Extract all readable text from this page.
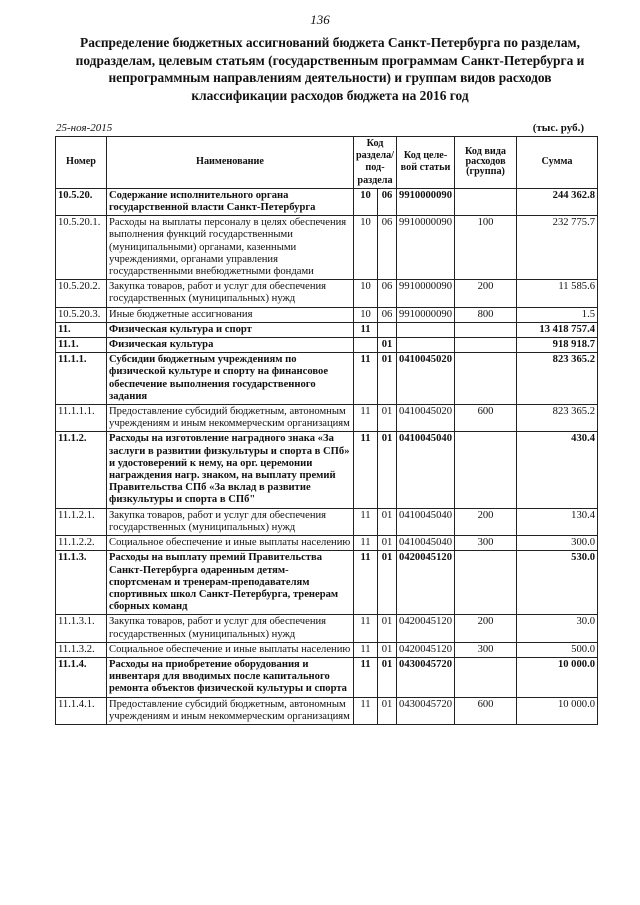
136
Распределение бюджетных ассигнований бюджета Санкт-Петербурга по разделам, подразделам, целевым статьям (государственным программам Санкт-Петербурга и непрограммным направлениям деятельности) и группам видов расходов классификации расходов бюджета на 2016 год
25-ноя-2015	(тыс. руб.)
Номер	Наименование	Код раздела/ под- раздела		Код целе- вой статьи	Код вида расходов (группа)	Сумма
10.5.20.	Содержание исполнительного органа государственной власти Санкт-Петербурга	10	06	9910000090		244 362.8
10.5.20.1.	Расходы на выплаты персоналу в целях обеспечения выполнения функций государственными (муниципальными) органами, казенными учреждениями, органами управления государственными внебюджетными фондами	10	06	9910000090	100	232 775.7
10.5.20.2.	Закупка товаров, работ и услуг для обеспечения государственных (муниципальных) нужд	10	06	9910000090	200	11 585.6
10.5.20.3.	Иные бюджетные ассигнования	10	06	9910000090	800	1.5
11.	Физическая культура и спорт	11				13 418 757.4
11.1.	Физическая культура		01			918 918.7
11.1.1.	Субсидии бюджетным учреждениям по физической культуре и спорту на финансовое обеспечение выполнения государственного задания	11	01	0410045020		823 365.2
11.1.1.1.	Предоставление субсидий бюджетным, автономным учреждениям и иным некоммерческим организациям	11	01	0410045020	600	823 365.2
11.1.2.	Расходы на изготовление наградного знака «За заслуги в развитии физкультуры и спорта в СПб» и удостоверений к нему, на орг. церемонии награждения нагр. знаком, на выплату премий Правительства СПб «За вклад в развитие физкультуры и спорта в СПб"	11	01	0410045040		430.4
11.1.2.1.	Закупка товаров, работ и услуг для обеспечения государственных (муниципальных) нужд	11	01	0410045040	200	130.4
11.1.2.2.	Социальное обеспечение и иные выплаты населению	11	01	0410045040	300	300.0
11.1.3.	Расходы на выплату премий Правительства Санкт-Петербурга одаренным детям-спортсменам и тренерам-преподавателям спортивных школ Санкт-Петербурга, тренерам сборных команд	11	01	0420045120		530.0
11.1.3.1.	Закупка товаров, работ и услуг для обеспечения государственных (муниципальных) нужд	11	01	0420045120	200	30.0
11.1.3.2.	Социальное обеспечение и иные выплаты населению	11	01	0420045120	300	500.0
11.1.4.	Расходы на приобретение оборудования и инвентаря для вводимых после капитального ремонта объектов физической культуры и спорта	11	01	0430045720		10 000.0
11.1.4.1.	Предоставление субсидий бюджетным, автономным учреждениям и иным некоммерческим организациям	11	01	0430045720	600	10 000.0
